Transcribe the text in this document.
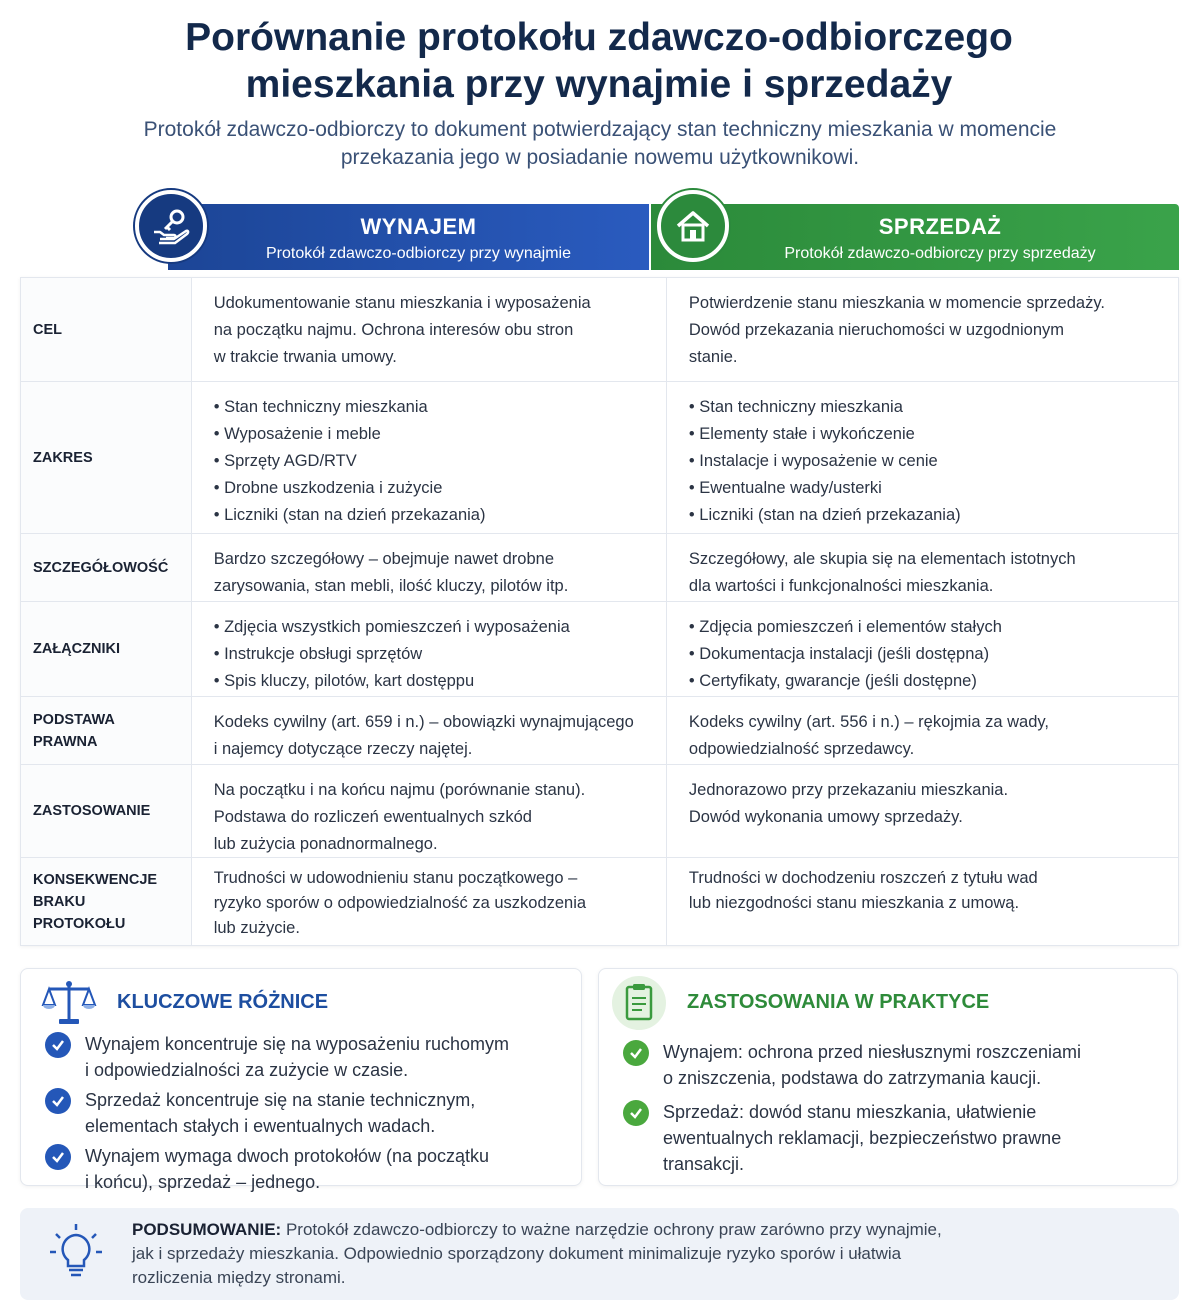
Porównanie protokołu zdawczo-odbiorczego
mieszkania przy wynajmie i sprzedaży
Protokół zdawczo-odbiorczy to dokument potwierdzający stan techniczny mieszkania w momencie
przekazania jego w posiadanie nowemu użytkownikowi.
WYNAJEM
Protokół zdawczo-odbiorczy przy wynajmie
SPRZEDAŻ
Protokół zdawczo-odbiorczy przy sprzedaży
CEL
Udokumentowanie stanu mieszkania i wyposażenia
na początku najmu. Ochrona interesów obu stron
w trakcie trwania umowy.
Potwierdzenie stanu mieszkania w momencie sprzedaży.
Dowód przekazania nieruchomości w uzgodnionym
stanie.
ZAKRES
• Stan techniczny mieszkania
• Wyposażenie i meble
• Sprzęty AGD/RTV
• Drobne uszkodzenia i zużycie
• Liczniki (stan na dzień przekazania)
• Stan techniczny mieszkania
• Elementy stałe i wykończenie
• Instalacje i wyposażenie w cenie
• Ewentualne wady/usterki
• Liczniki (stan na dzień przekazania)
SZCZEGÓŁOWOŚĆ	Bardzo szczegółowy – obejmuje nawet drobne
zarysowania, stan mebli, ilość kluczy, pilotów itp.
Szczegółowy, ale skupia się na elementach istotnych
dla wartości i funkcjonalności mieszkania.
ZAŁĄCZNIKI
• Zdjęcia wszystkich pomieszczeń i wyposażenia
• Instrukcje obsługi sprzętów
• Spis kluczy, pilotów, kart dostęppu
• Zdjęcia pomieszczeń i elementów stałych
• Dokumentacja instalacji (jeśli dostępna)
• Certyfikaty, gwarancje (jeśli dostępne)
PODSTAWA PRAWNA
Kodeks cywilny (art. 659 i n.) – obowiązki wynajmującego
i najemcy dotyczące rzeczy najętej.
Kodeks cywilny (art. 556 i n.) – rękojmia za wady,
odpowiedzialność sprzedawcy.
ZASTOSOWANIE
Na początku i na końcu najmu (porównanie stanu).
Podstawa do rozliczeń ewentualnych szkód
lub zużycia ponadnormalnego.
Jednorazowo przy przekazaniu mieszkania.
Dowód wykonania umowy sprzedaży.
KONSEKWENCJE
BRAKU PROTOKOŁU
Trudności w udowodnieniu stanu początkowego –
ryzyko sporów o odpowiedzialność za uszkodzenia
lub zużycie.
Trudności w dochodzeniu roszczeń z tytułu wad
lub niezgodności stanu mieszkania z umową.
KLUCZOWE RÓŻNICE
Wynajem koncentruje się na wyposażeniu ruchomym
i odpowiedzialności za zużycie w czasie.
Sprzedaż koncentruje się na stanie technicznym,
elementach stałych i ewentualnych wadach.
Wynajem wymaga dwoch protokołów (na początku
i końcu), sprzedaż – jednego.
ZASTOSOWANIA W PRAKTYCE
Wynajem: ochrona przed niesłusznymi roszczeniami
o zniszczenia, podstawa do zatrzymania kaucji.
Sprzedaż: dowód stanu mieszkania, ułatwienie
ewentualnych reklamacji, bezpieczeństwo prawne
transakcji.
PODSUMOWANIE: Protokół zdawczo-odbiorczy to ważne narzędzie ochrony praw zarówno przy wynajmie,
jak i sprzedaży mieszkania. Odpowiednio sporządzony dokument minimalizuje ryzyko sporów i ułatwia
rozliczenia między stronami.
